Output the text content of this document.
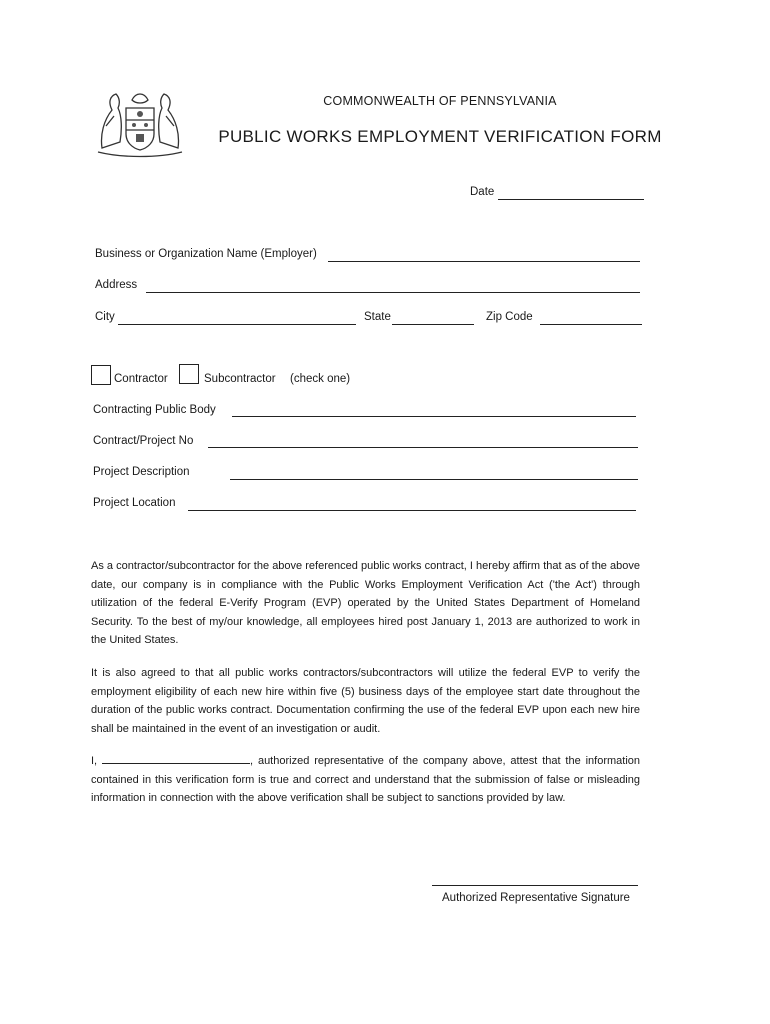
COMMONWEALTH OF PENNSYLVANIA
PUBLIC WORKS EMPLOYMENT VERIFICATION FORM
Date
Business or Organization Name (Employer)
Address
City	State	Zip Code
Contractor	Subcontractor (check one)
Contracting Public Body
Contract/Project No
Project Description
Project Location

As a contractor/subcontractor for the above referenced public works contract, I hereby affirm that as of the above date, our company is in compliance with the Public Works Employment Verification Act ('the Act') through utilization of the federal E-Verify Program (EVP) operated by the United States Department of Homeland Security. To the best of my/our knowledge, all employees hired post January 1, 2013 are authorized to work in the United States.

It is also agreed to that all public works contractors/subcontractors will utilize the federal EVP to verify the employment eligibility of each new hire within five (5) business days of the employee start date throughout the duration of the public works contract. Documentation confirming the use of the federal EVP upon each new hire shall be maintained in the event of an investigation or audit.

I,	, authorized representative of the company above, attest that the information contained in this verification form is true and correct and understand that the submission of false or misleading information in connection with the above verification shall be subject to sanctions provided by law.

Authorized Representative Signature
